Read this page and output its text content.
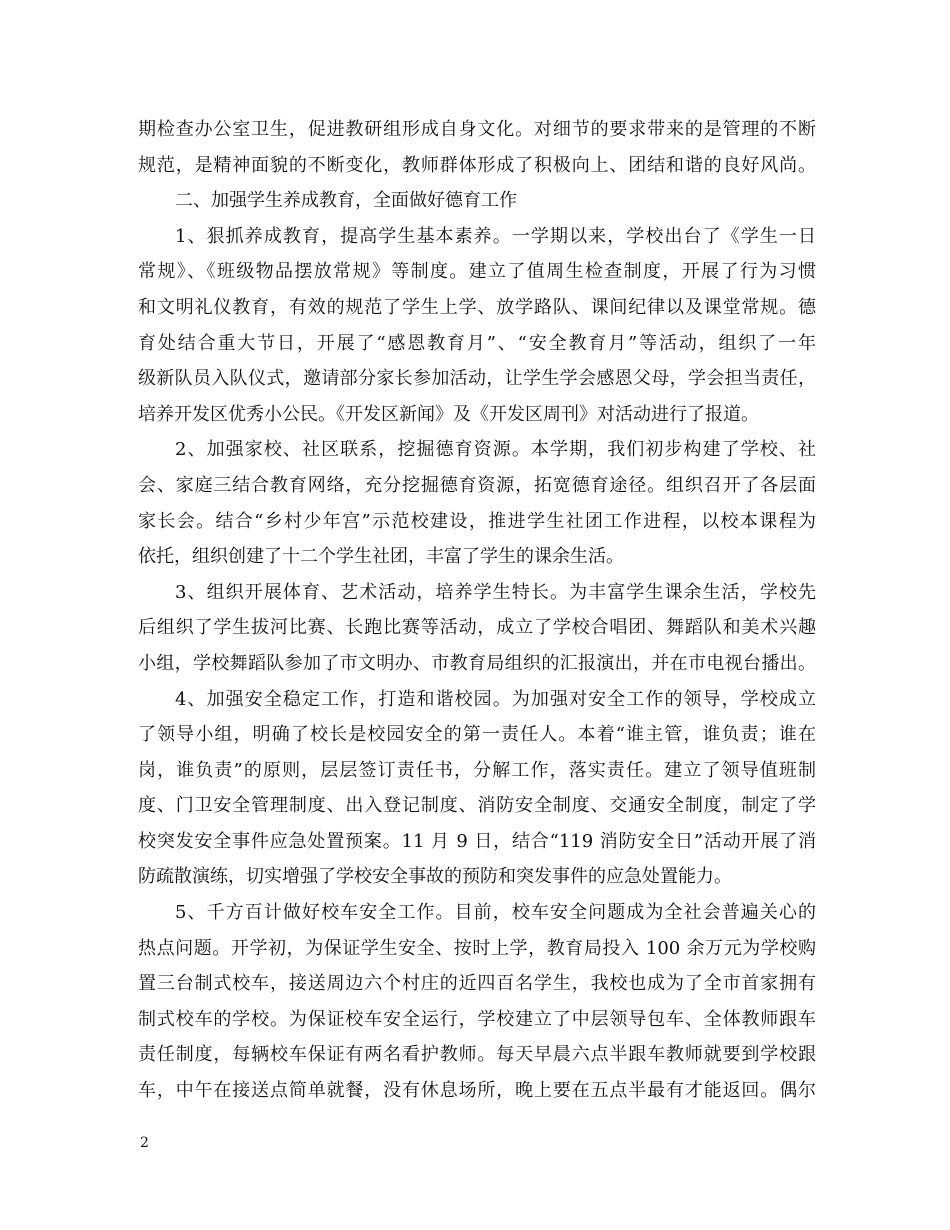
期检查办公室卫生，促进教研组形成自身文化。对细节的要求带来的是管理的不断
规范，是精神面貌的不断变化，教师群体形成了积极向上、团结和谐的良好风尚。
二、加强学生养成教育，全面做好德育工作
1、狠抓养成教育，提高学生基本素养。一学期以来，学校出台了《学生一日
常规》、《班级物品摆放常规》等制度。建立了值周生检查制度，开展了行为习惯
和文明礼仪教育，有效的规范了学生上学、放学路队、课间纪律以及课堂常规。德
育处结合重大节日，开展了“感恩教育月”、“安全教育月”等活动，组织了一年
级新队员入队仪式，邀请部分家长参加活动，让学生学会感恩父母，学会担当责任，
培养开发区优秀小公民。《开发区新闻》及《开发区周刊》对活动进行了报道。
2、加强家校、社区联系，挖掘德育资源。本学期，我们初步构建了学校、社
会、家庭三结合教育网络，充分挖掘德育资源，拓宽德育途径。组织召开了各层面
家长会。结合“乡村少年宫”示范校建设，推进学生社团工作进程，以校本课程为
依托，组织创建了十二个学生社团，丰富了学生的课余生活。
3、组织开展体育、艺术活动，培养学生特长。为丰富学生课余生活，学校先
后组织了学生拔河比赛、长跑比赛等活动，成立了学校合唱团、舞蹈队和美术兴趣
小组，学校舞蹈队参加了市文明办、市教育局组织的汇报演出，并在市电视台播出。
4、加强安全稳定工作，打造和谐校园。为加强对安全工作的领导，学校成立
了领导小组，明确了校长是校园安全的第一责任人。本着“谁主管，谁负责；谁在
岗，谁负责”的原则，层层签订责任书，分解工作，落实责任。建立了领导值班制
度、门卫安全管理制度、出入登记制度、消防安全制度、交通安全制度，制定了学
校突发安全事件应急处置预案。11 月 9 日，结合“119 消防安全日”活动开展了消
防疏散演练，切实增强了学校安全事故的预防和突发事件的应急处置能力。
5、千方百计做好校车安全工作。目前，校车安全问题成为全社会普遍关心的
热点问题。开学初，为保证学生安全、按时上学，教育局投入 100 余万元为学校购
置三台制式校车，接送周边六个村庄的近四百名学生，我校也成为了全市首家拥有
制式校车的学校。为保证校车安全运行，学校建立了中层领导包车、全体教师跟车
责任制度，每辆校车保证有两名看护教师。每天早晨六点半跟车教师就要到学校跟
车，中午在接送点简单就餐，没有休息场所，晚上要在五点半最有才能返回。偶尔
2
